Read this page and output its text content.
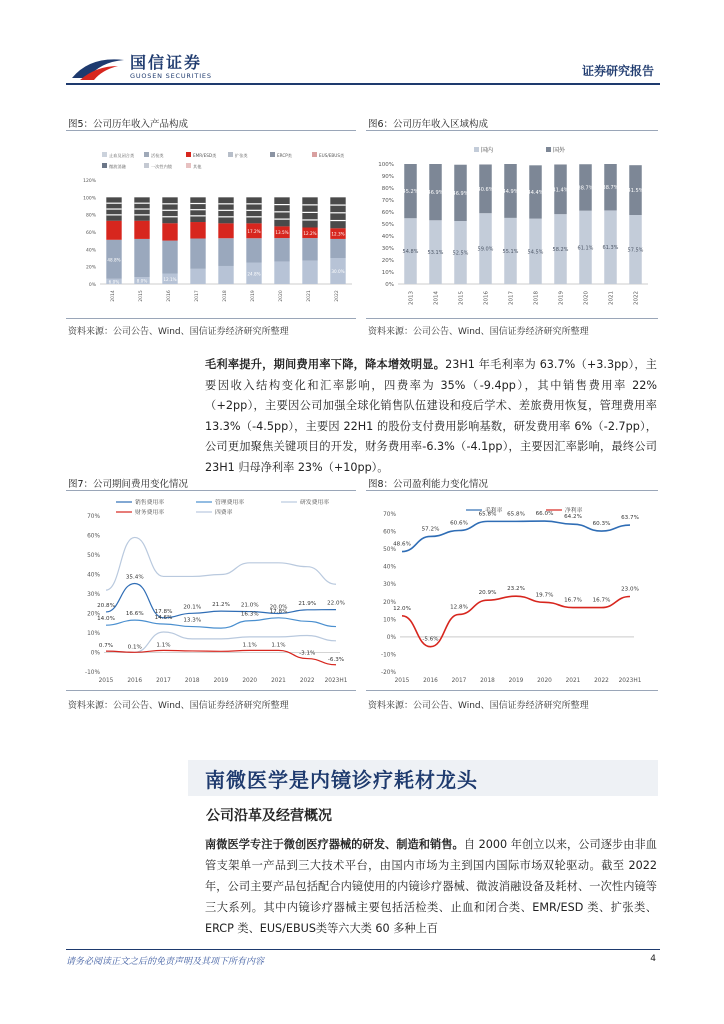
国信证券
GUOSEN SECURITIES	证券研究报告
图5：公司历年收入产品构成
止血及闭合类	活检类	EMR/ESD类	扩张类	ERCP类	EUS/EBUS类
微波消融	一次性内镜	其他
0%
20%
40%
60%
80%
100%
120%
6.0%
48.8%
2014
8.0%
2015
12.1%
2016	2017	2018
24.8%
17.2%
2019
13.5%
2020
12.2%
2021
30.0%
12.3%
2022
资料来源：公司公告、Wind、国信证券经济研究所整理
图6：公司历年收入区域构成
国内	国外
0%
10%
20%
30%
40%
50%
60%
70%
80%
90%
100%
54.8%
45.2%
2013
53.1%
46.9%
2014
52.5%
46.9%
2015
59.0%
40.6%
2016
55.1%
44.9%
2017
54.5%
44.4%
2018
58.2%
41.4%
2019
61.1%
38.7%
2020
61.3%
38.7%
2021
57.5%
41.5%
2022
资料来源：公司公告、Wind、国信证券经济研究所整理
毛利率提升，期间费用率下降，降本增效明显。23H1 年毛利率为 63.7%（+3.3pp），主要因收入结构变化和汇率影响，四费率为 35%（-9.4pp），其中销售费用率 22%（+2pp），主要因公司加强全球化销售队伍建设和疫后学术、差旅费用恢复，管理费用率 13.3%（-4.5pp），主要因 22H1 的股份支付费用影响基数，研发费用率 6%（-2.7pp），公司更加聚焦关键项目的开发，财务费用率-6.3%（-4.1pp），主要因汇率影响，最终公司 23H1 归母净利率 23%（+10pp）。
图7：公司期间费用变化情况
-10%
0%
10%
20%
30%
40%
50%
60%
70%
2015 2016 2017 2018 2019 2020 2021 2022 2023H1
销售费用率	管理费用率	研发费用率
财务费用率	四费率
20.8%
35.4%
17.8%
20.1% 21.2% 21.0% 20.0%
21.9% 22.0%
14.0%
16.6%
14.6% 13.3%
16.3% 17.8%
0.7%	0.1%	1.1%	1.1%	1.1%
-3.1%
-6.3%
资料来源：公司公告、Wind、国信证券经济研究所整理
图8：公司盈利能力变化情况
-20%
-10%
0%
10%
20%
30%
40%
50%
60%
70%
2015 2016 2017 2018 2019 2020 2021 2022 2023H1
毛利率	净利率
48.6%
57.2%
60.6%
65.8% 65.8% 66.0%
64.2%
60.3%
63.7%
12.0%
-5.6%
12.8%
20.9%
23.2%
19.7%
16.7% 16.7%
23.0%
资料来源：公司公告、Wind、国信证券经济研究所整理
南微医学是内镜诊疗耗材龙头
公司沿革及经营概况
南微医学专注于微创医疗器械的研发、制造和销售。自 2000 年创立以来，公司逐步由非血管支架单一产品到三大技术平台，由国内市场为主到国内国际市场双轮驱动。截至 2022 年，公司主要产品包括配合内镜使用的内镜诊疗器械、微波消融设备及耗材、一次性内镜等三大系列。其中内镜诊疗器械主要包括活检类、止血和闭合类、EMR/ESD 类、扩张类、ERCP 类、EUS/EBUS类等六大类 60 多种上百
请务必阅读正文之后的免责声明及其项下所有内容	4
